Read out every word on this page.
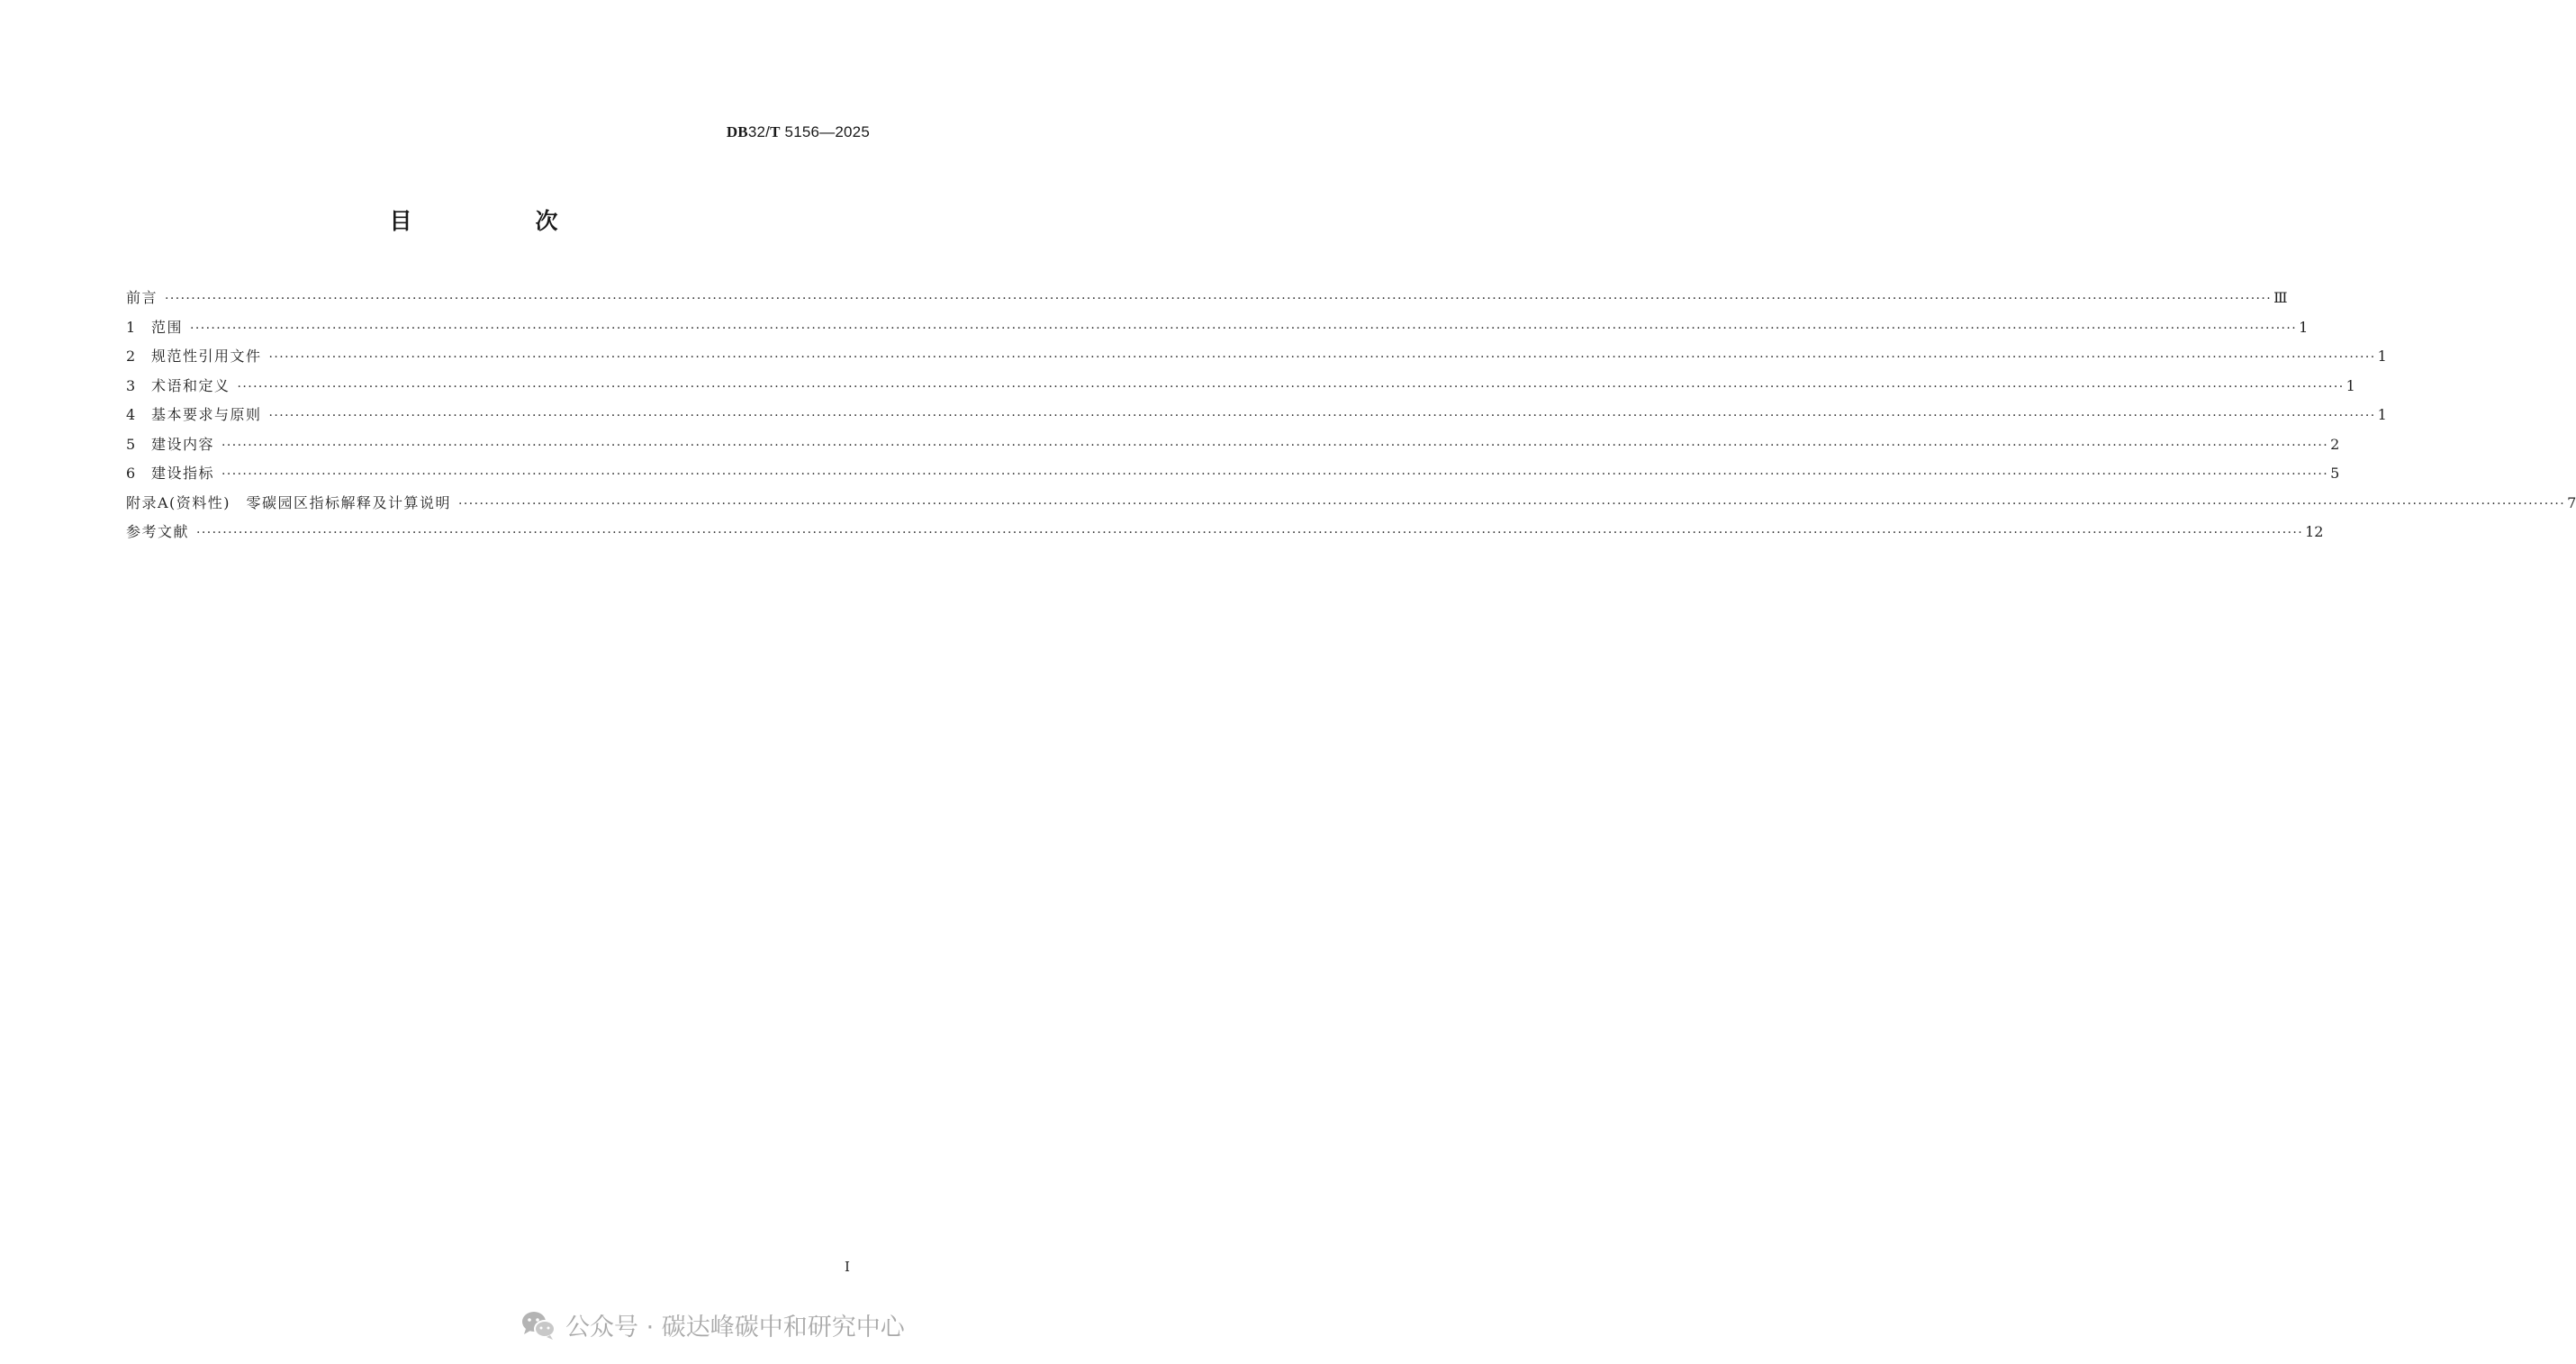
DB32/T 5156—2025
目　次
前言 ················································································································································································································································································································································································································ Ⅲ
1	范围 ················································································································································································································································································································································································································ 1
2	规范性引用文件 ················································································································································································································································································································································································································ 1
3	术语和定义 ················································································································································································································································································································································································································ 1
4	基本要求与原则 ················································································································································································································································································································································································································ 1
5	建设内容 ················································································································································································································································································································································································································ 2
6	建设指标 ················································································································································································································································································································································································································ 5
附录A(资料性)　零碳园区指标解释及计算说明 ················································································································································································································································································································································································································ 7
参考文献 ················································································································································································································································································································································································································ 12
I
公众号 · 碳达峰碳中和研究中心
